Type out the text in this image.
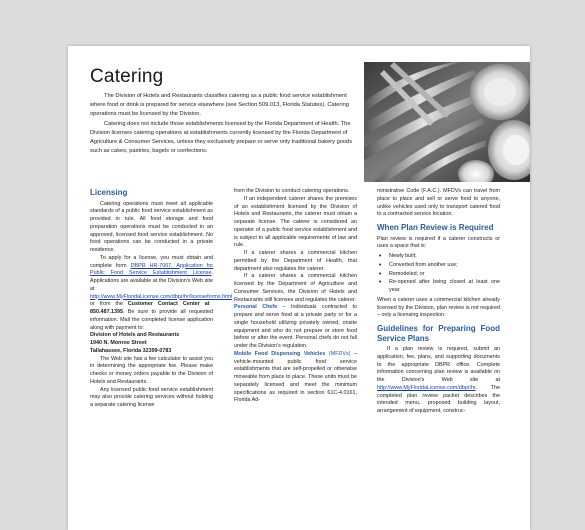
Catering

The Division of Hotels and Restaurants classifies catering as a public food service establishment where food or drink is prepared for service elsewhere (see Section 509.013, Florida Statutes). Catering operations must be licensed by the Division.

Catering does not include those establishments licensed by the Florida Department of Health. The Division licenses catering operations at establishments currently licensed by the Florida Department of Agriculture & Consumer Services, unless they exclusively prepare or serve only traditional bakery goods such as cakes, pastries, bagels or confections.

Licensing

Catering operations must meet all applicable standards of a public food service establishment as provided in rule. All food storage and food preparation operations must be conducted in an approved, licensed food service establishment. No food operations can be conducted in a private residence.

To apply for a license, you must obtain and complete form DBPR HR-7007, Application for Public Food Service Establishment License. Applications are available at the Division's Web site at http://www.MyFloridaLicense.com/dbpr/hr/licenseforms.html or from the Customer Contact Center at 850.487.1395. Be sure to provide all requested information. Mail the completed license application along with payment to:

Division of Hotels and Restaurants

1940 N. Monroe Street

Tallahassee, Florida 32399-0783

The Web site has a fee calculator to assist you in determining the appropriate fee. Please make checks or money orders payable to the Division of Hotels and Restaurants.

Any licensed public food service establishment may also provide catering services without holding a separate catering license

from the Division to conduct catering operations.

If an independent caterer shares the premises of an establishment licensed by the Division of Hotels and Restaurants, the caterer must obtain a separate license. The caterer is considered an operator of a public food service establishment and is subject to all applicable requirements of law and rule.

If a caterer shares a commercial kitchen permitted by the Department of Health, that department also regulates the caterer.

If a caterer shares a commercial kitchen licensed by the Department of Agriculture and Consumer Services, the Division of Hotels and Restaurants still licenses and regulates the caterer.

Personal Chefs – Individuals contracted to prepare and serve food at a private party or for a single household utilizing privately owned, onsite equipment and who do not prepare or store food before or after the event. Personal chefs do not fall under the Division's regulation.

Mobile Food Dispensing Vehicles (MFDVs) – vehicle-mounted public food service establishments that are self-propelled or otherwise moveable from place to place. These units must be separately licensed and meet the minimum specifications as required in section 61C-4.0161, Florida Ad-

ministrative Code (F.A.C.). MFDVs can travel from place to place and sell or serve food to anyone, unlike vehicles used only to transport catered food to a contracted service location.

When Plan Review is Required

Plan review is required if a caterer constructs or uses a space that is:

• Newly built;
• Converted from another use;
• Remodeled; or
• Re-opened after being closed at least one year.

When a caterer uses a commercial kitchen already licensed by the Division, plan review is not required – only a licensing inspection.

Guidelines for Preparing Food Service Plans

If a plan review is required, submit an application, fee, plans, and supporting documents to the appropriate DBPR office. Complete information concerning plan review is available on the Division's Web site at http://www.MyFloridaLicense.com/dbpr/hr. The completed plan review packet describes the intended menu, proposed building layout, arrangement of equipment, construc-
